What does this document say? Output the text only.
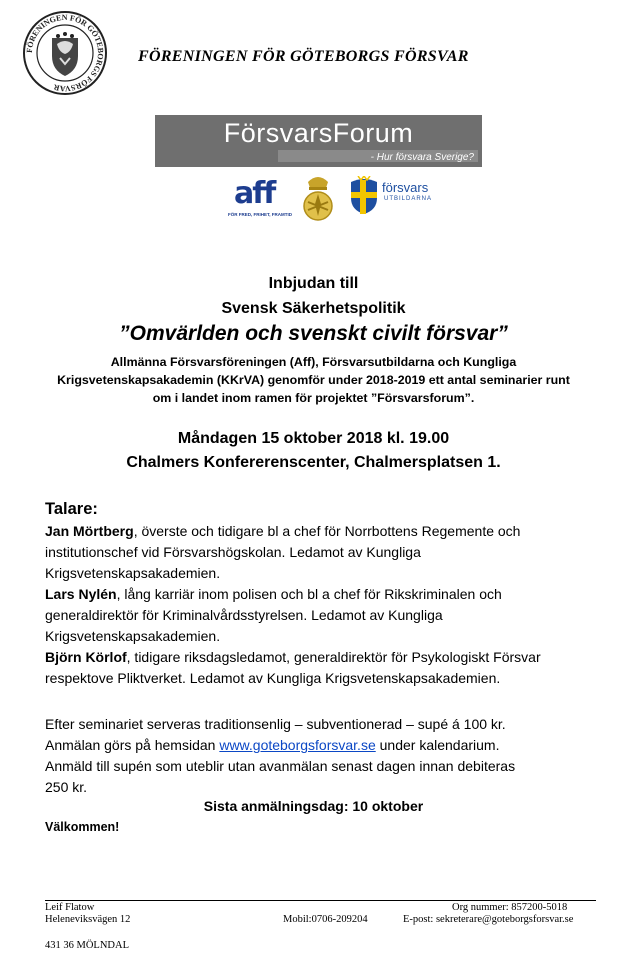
FÖRENINGEN FÖR GÖTEBORGS FÖRSVAR
FÖRENINGEN FÖR GÖTEBORGS FÖRSVAR
FörsvarsForum
- Hur försvara Sverige?
aff
FÖR FRED, FRIHET, FRAMTID
försvars
UTBILDARNA
Inbjudan till
Svensk Säkerhetspolitik
”Omvärlden och svenskt civilt försvar”
Allmänna Försvarsföreningen (Aff), Försvarsutbildarna och Kungliga
Krigsvetenskapsakademin (KKrVA) genomför under 2018-2019 ett antal seminarier runt
om i landet inom ramen för projektet ”Försvarsforum”.
Måndagen 15 oktober 2018 kl. 19.00
Chalmers Konfererenscenter, Chalmersplatsen 1.
Talare:
Jan Mörtberg, överste och tidigare bl a chef för Norrbottens Regemente och
institutionschef vid Försvarshögskolan. Ledamot av Kungliga
Krigsvetenskapsakademien.
Lars Nylén, lång karriär inom polisen och bl a chef för Rikskriminalen och
generaldirektör för Kriminalvårdsstyrelsen. Ledamot av Kungliga
Krigsvetenskapsakademien.
Björn Körlof, tidigare riksdagsledamot, generaldirektör för Psykologiskt Försvar
respektove Pliktverket. Ledamot av Kungliga Krigsvetenskapsakademien.
Efter seminariet serveras traditionsenlig – subventionerad – supé á 100 kr.
Anmälan görs på hemsidan www.goteborgsforsvar.se under kalendarium.
Anmäld till supén som uteblir utan avanmälan senast dagen innan debiteras
250 kr.
Sista anmälningsdag: 10 oktober
Välkommen!
Leif Flatow
Heleneviksvägen 12
431 36 MÖLNDAL
Mobil:0706-209204
Org nummer: 857200-5018
E-post: sekreterare@goteborgsforsvar.se
